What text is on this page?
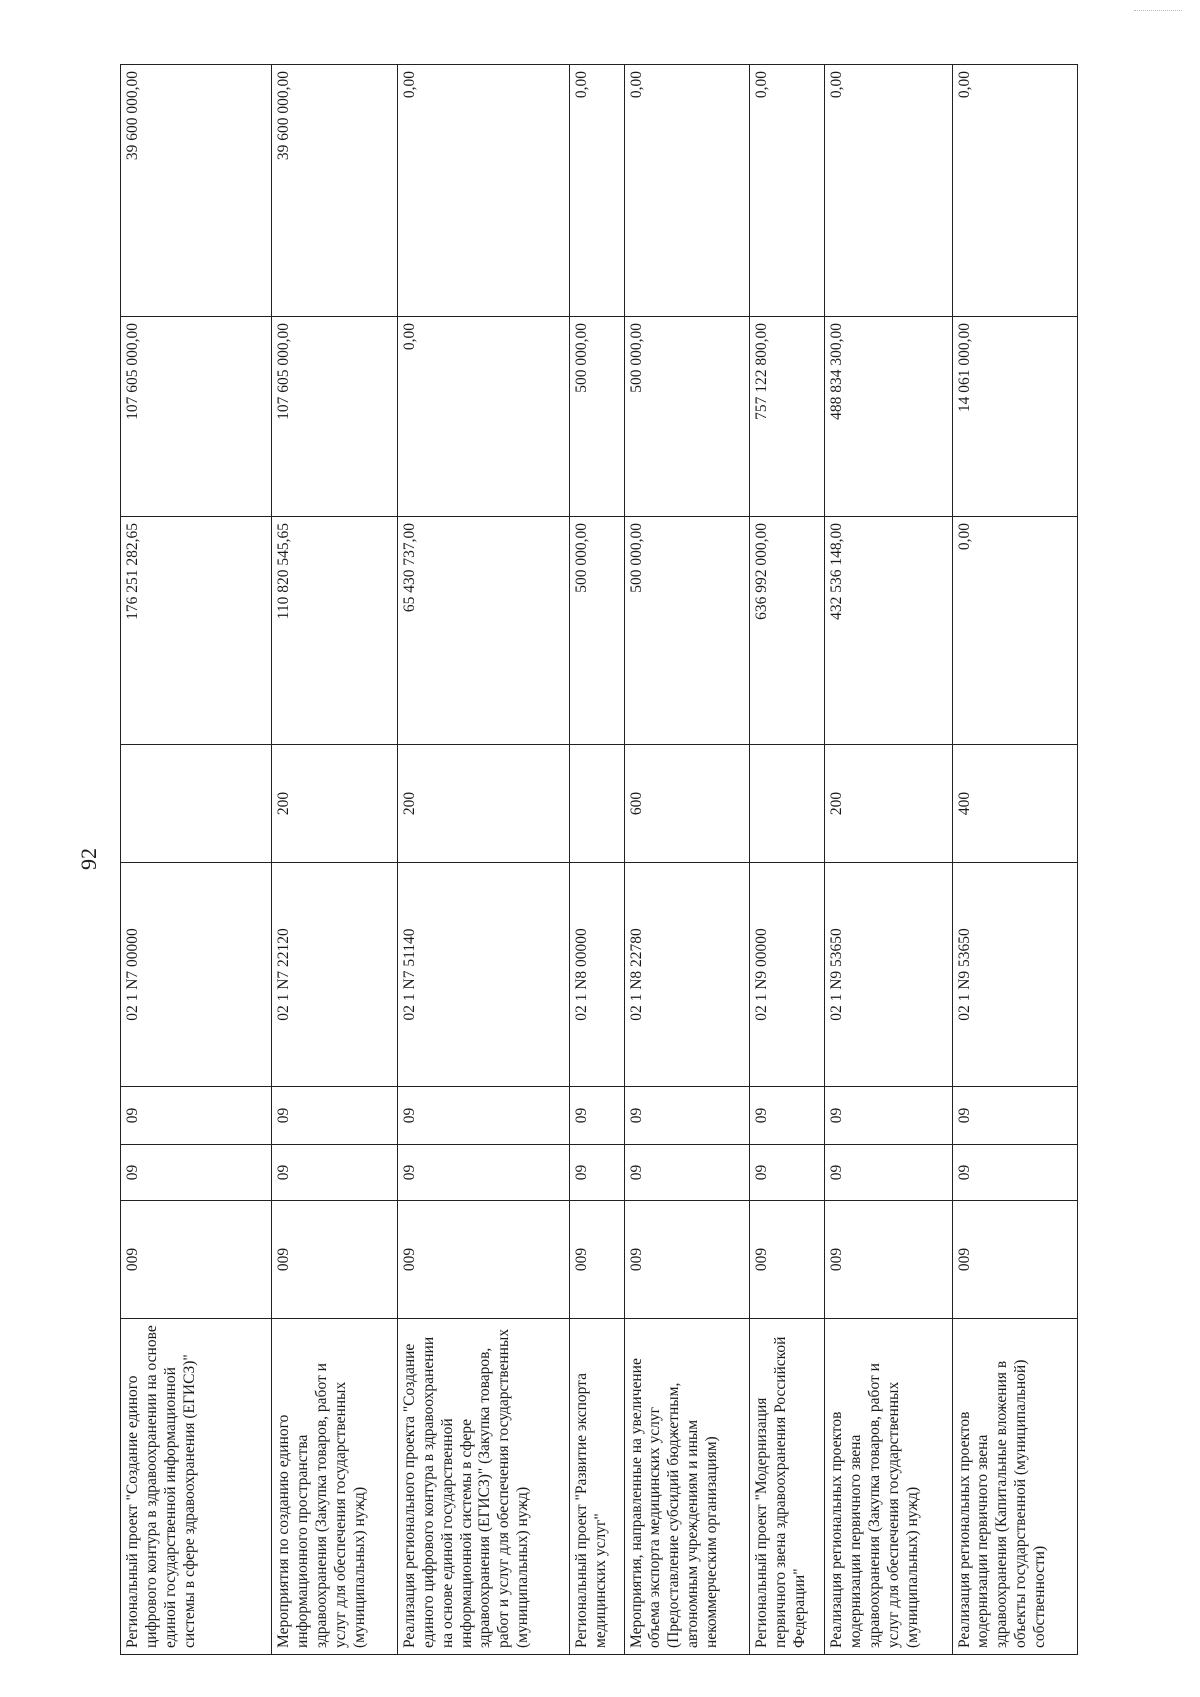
92
Региональный проект "Создание единого цифрового контура в здравоохранении на основе единой государственной информационной системы в сфере здравоохранения (ЕГИСЗ)"	009	09	09	02 1 N7 00000		176 251 282,65	107 605 000,00	39 600 000,00
Мероприятия по созданию единого информационного пространства здравоохранения (Закупка товаров, работ и услуг для обеспечения государственных (муниципальных) нужд)	009	09	09	02 1 N7 22120	200	110 820 545,65	107 605 000,00	39 600 000,00
Реализация регионального проекта "Создание единого цифрового контура в здравоохранении на основе единой государственной информационной системы в сфере здравоохранения (ЕГИСЗ)" (Закупка товаров, работ и услуг для обеспечения государственных (муниципальных) нужд)	009	09	09	02 1 N7 51140	200	65 430 737,00	0,00	0,00
Региональный проект "Развитие экспорта медицинских услуг"	009	09	09	02 1 N8 00000		500 000,00	500 000,00	0,00
Мероприятия, направленные на увеличение объема экспорта медицинских услуг (Предоставление субсидий бюджетным, автономным учреждениям и иным некоммерческим организациям)	009	09	09	02 1 N8 22780	600	500 000,00	500 000,00	0,00
Региональный проект "Модернизация первичного звена здравоохранения Российской Федерации"	009	09	09	02 1 N9 00000		636 992 000,00	757 122 800,00	0,00
Реализация региональных проектов модернизации первичного звена здравоохранения (Закупка товаров, работ и услуг для обеспечения государственных (муниципальных) нужд)	009	09	09	02 1 N9 53650	200	432 536 148,00	488 834 300,00	0,00
Реализация региональных проектов модернизации первичного звена здравоохранения (Капитальные вложения в объекты государственной (муниципальной) собственности)	009	09	09	02 1 N9 53650	400	0,00	14 061 000,00	0,00
